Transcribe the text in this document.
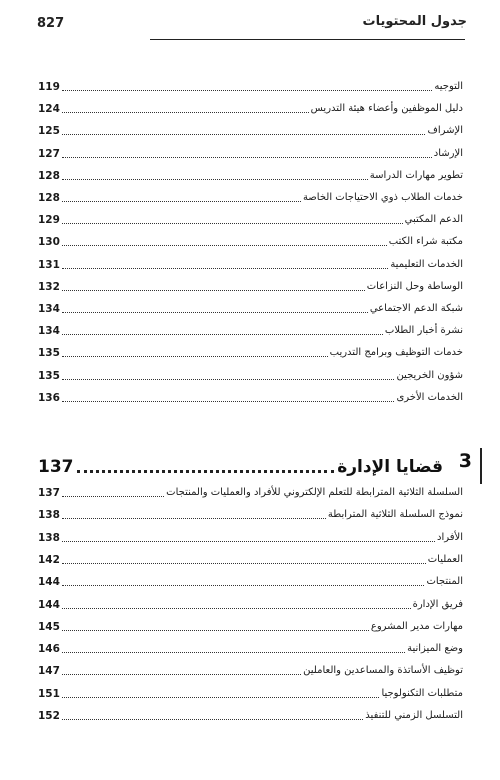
827	جدول المحتويات
التوجيه
119
دليل الموظفين وأعضاء هيئة التدريس
124
الإشراف
125
الإرشاد
127
تطوير مهارات الدراسة
128
خدمات الطلاب ذوي الاحتياجات الخاصة
128
الدعم المكتبي
129
مكتبة شراء الكتب
130
الخدمات التعليمية
131
الوساطة وحل النزاعات
132
شبكة الدعم الاجتماعي
134
نشرة أخبار الطلاب
134
خدمات التوظيف وبرامج التدريب
135
شؤون الخريجين
135
الخدمات الأخرى
136
3
قضايا الإدارة
137
السلسلة الثلاثية المترابطة للتعلم الإلكتروني للأفراد والعمليات والمنتجات
137
نموذج السلسلة الثلاثية المترابطة
138
الأفراد
138
العمليات
142
المنتجات
144
فريق الإدارة
144
مهارات مدير المشروع
145
وضع الميزانية
146
توظيف الأساتذة والمساعدين والعاملين
147
متطلبات التكنولوجيا
151
التسلسل الزمني للتنفيذ
152
